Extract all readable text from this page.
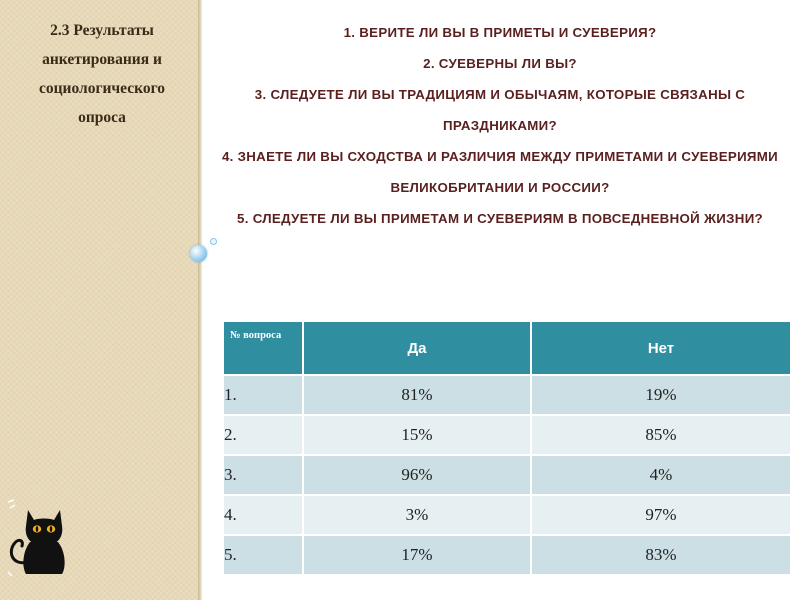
2.3 Результаты анкетирования и социологического опроса
1. ВЕРИТЕ ЛИ ВЫ В ПРИМЕТЫ И СУЕВЕРИЯ?
2. СУЕВЕРНЫ ЛИ ВЫ?
3. СЛЕДУЕТЕ ЛИ ВЫ ТРАДИЦИЯМ И ОБЫЧАЯМ, КОТОРЫЕ СВЯЗАНЫ С ПРАЗДНИКАМИ?
4. ЗНАЕТЕ ЛИ ВЫ СХОДСТВА И РАЗЛИЧИЯ МЕЖДУ ПРИМЕТАМИ И СУЕВЕРИЯМИ ВЕЛИКОБРИТАНИИ И РОССИИ?
5. СЛЕДУЕТЕ ЛИ ВЫ ПРИМЕТАМ И СУЕВЕРИЯМ В ПОВСЕДНЕВНОЙ ЖИЗНИ?
№ вопроса	Да	Нет
1.	81%	19%
2.	15%	85%
3.	96%	4%
4.	3%	97%
5.	17%	83%
